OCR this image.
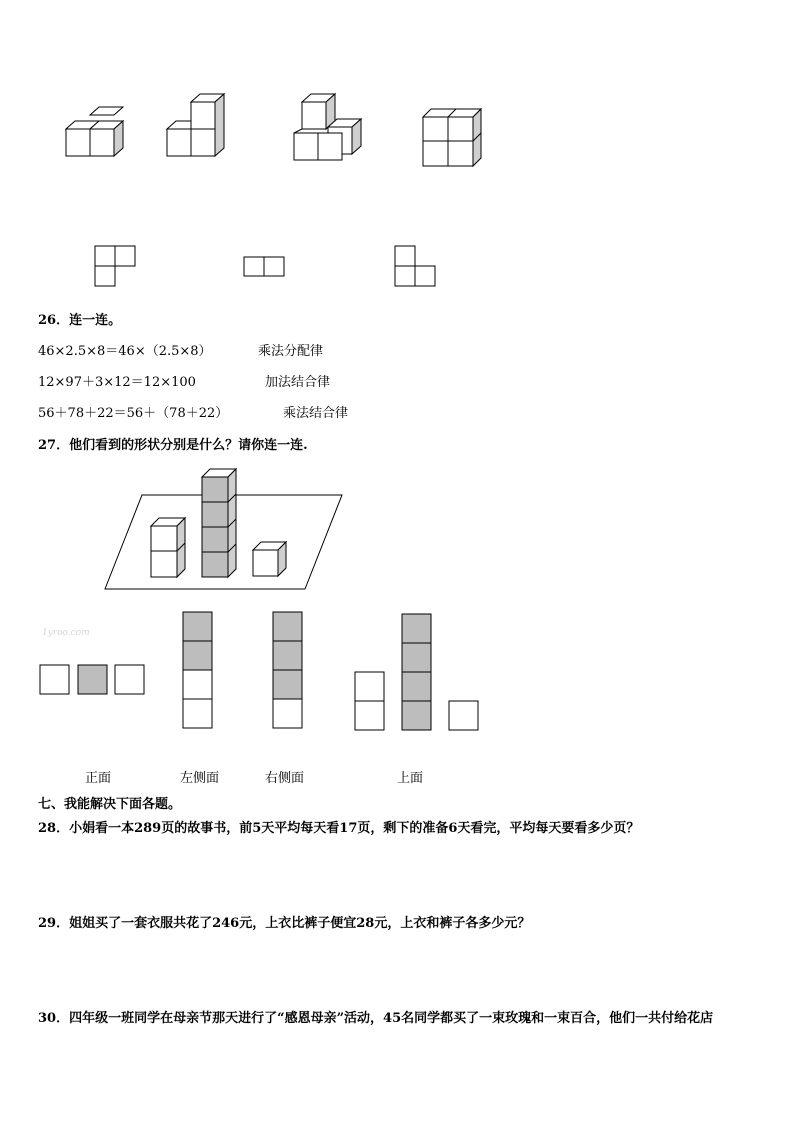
26．连一连。
46×2.5×8＝46×（2.5×8）
12×97＋3×12＝12×100
56＋78＋22＝56＋（78＋22）
乘法分配律
加法结合律
乘法结合律
27．他们看到的形状分别是什么？请你连一连.
1yroo.com
正面	左侧面	右侧面	上面
七、我能解决下面各题。
28．小娟看一本289页的故事书，前5天平均每天看17页，剩下的准备6天看完，平均每天要看多少页？
29．姐姐买了一套衣服共花了246元，上衣比裤子便宜28元，上衣和裤子各多少元？
30．四年级一班同学在母亲节那天进行了“感恩母亲”活动，45名同学都买了一束玫瑰和一束百合，他们一共付给花店
